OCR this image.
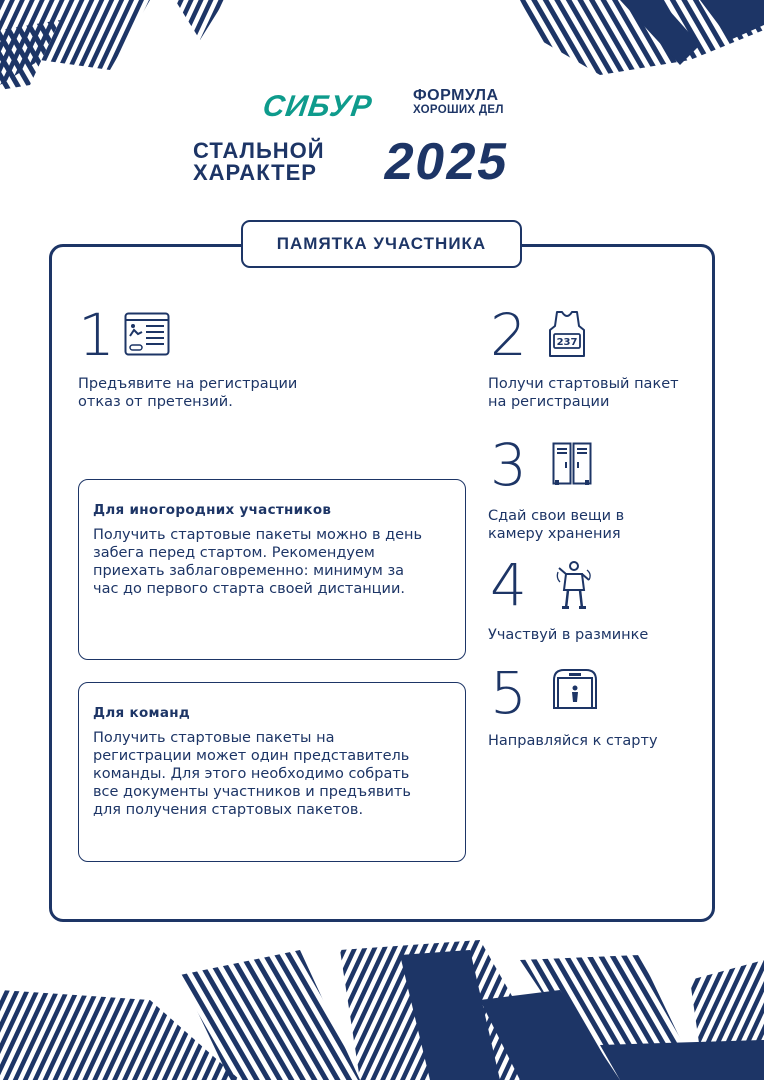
СИБУР ФОРМУЛА
ХОРОШИХ ДЕЛ
СТАЛЬНОЙ
ХАРАКТЕР 2025
ПАМЯТКА УЧАСТНИКА
1
Предъявите на регистрации
отказ от претензий.
2	237
Получи стартовый пакет
на регистрации
3
Сдай свои вещи в
камеру хранения
4
Участвуй в разминке
5
Направляйся к старту
Для иногородних участников

Получить стартовые пакеты можно в день
забега перед стартом. Рекомендуем
приехать заблаговременно: минимум за
час до первого старта своей дистанции.

Для команд

Получить стартовые пакеты на
регистрации может один представитель
команды. Для этого необходимо собрать
все документы участников и предъявить
для получения стартовых пакетов.
